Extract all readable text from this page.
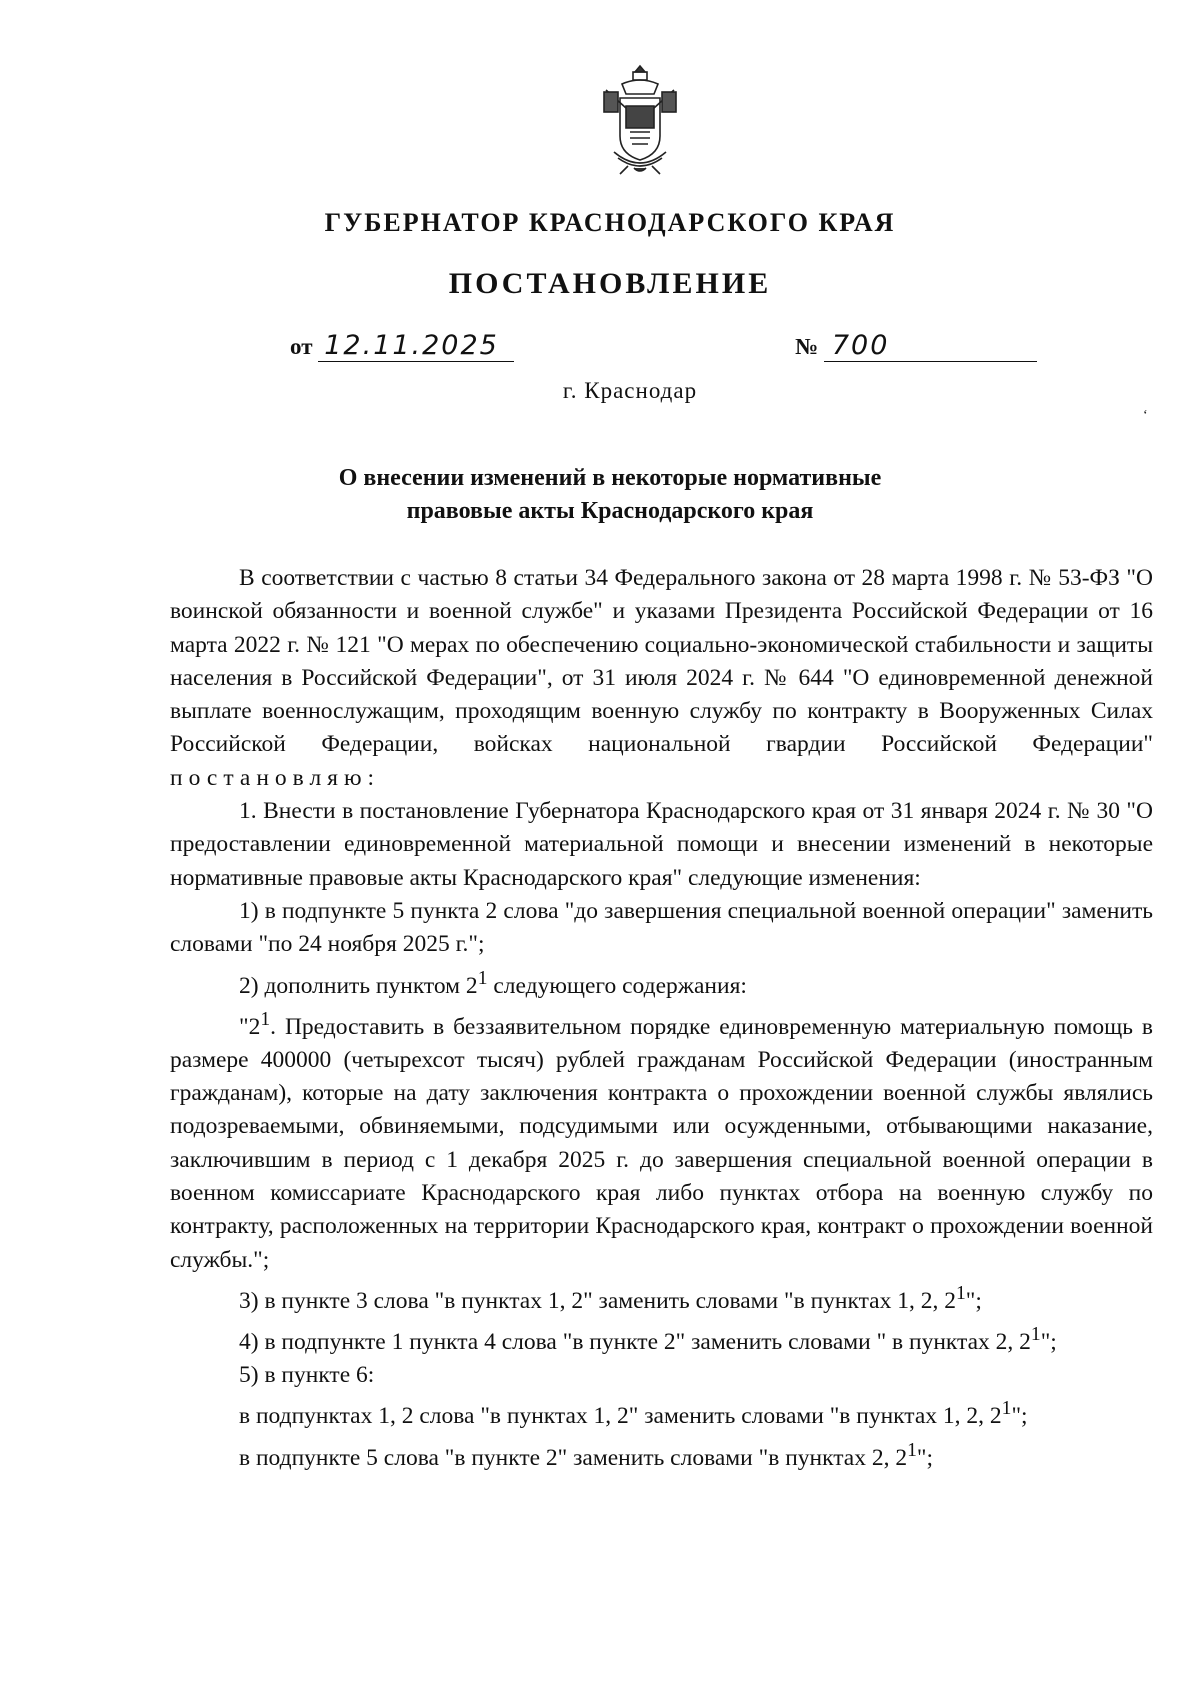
ГУБЕРНАТОР КРАСНОДАРСКОГО КРАЯ
ПОСТАНОВЛЕНИЕ
от 12.11.2025	№ 700
г. Краснодар
‘
О внесении изменений в некоторые нормативные
правовые акты Краснодарского края

В соответствии с частью 8 статьи 34 Федерального закона от 28 марта 1998 г. № 53-ФЗ "О воинской обязанности и военной службе" и указами Президента Российской Федерации от 16 марта 2022 г. № 121 "О мерах по обеспечению социально-экономической стабильности и защиты населения в Российской Федерации", от 31 июля 2024 г. № 644 "О единовременной денежной выплате военнослужащим, проходящим военную службу по контракту в Вооруженных Силах Российской Федерации, войсках национальной гвардии Российской Федерации" постановляю:

1. Внести в постановление Губернатора Краснодарского края от 31 января 2024 г. № 30 "О предоставлении единовременной материальной помощи и внесении изменений в некоторые нормативные правовые акты Краснодарского края" следующие изменения:

1) в подпункте 5 пункта 2 слова "до завершения специальной военной операции" заменить словами "по 24 ноября 2025 г.";

2) дополнить пунктом $2^1$ следующего содержания:

"$2^1$. Предоставить в беззаявительном порядке единовременную материальную помощь в размере 400000 (четырехсот тысяч) рублей гражданам Российской Федерации (иностранным гражданам), которые на дату заключения контракта о прохождении военной службы являлись подозреваемыми, обвиняемыми, подсудимыми или осужденными, отбывающими наказание, заключившим в период с 1 декабря 2025 г. до завершения специальной военной операции в военном комиссариате Краснодарского края либо пунктах отбора на военную службу по контракту, расположенных на территории Краснодарского края, контракт о прохождении военной службы.";

3) в пункте 3 слова "в пунктах 1, 2" заменить словами "в пунктах 1, 2, $2^1$";

4) в подпункте 1 пункта 4 слова "в пункте 2" заменить словами " в пунктах 2, $2^1$";

5) в пункте 6:

в подпунктах 1, 2 слова "в пунктах 1, 2" заменить словами "в пунктах 1, 2, $2^1$";

в подпункте 5 слова "в пункте 2" заменить словами "в пунктах 2, $2^1$";
